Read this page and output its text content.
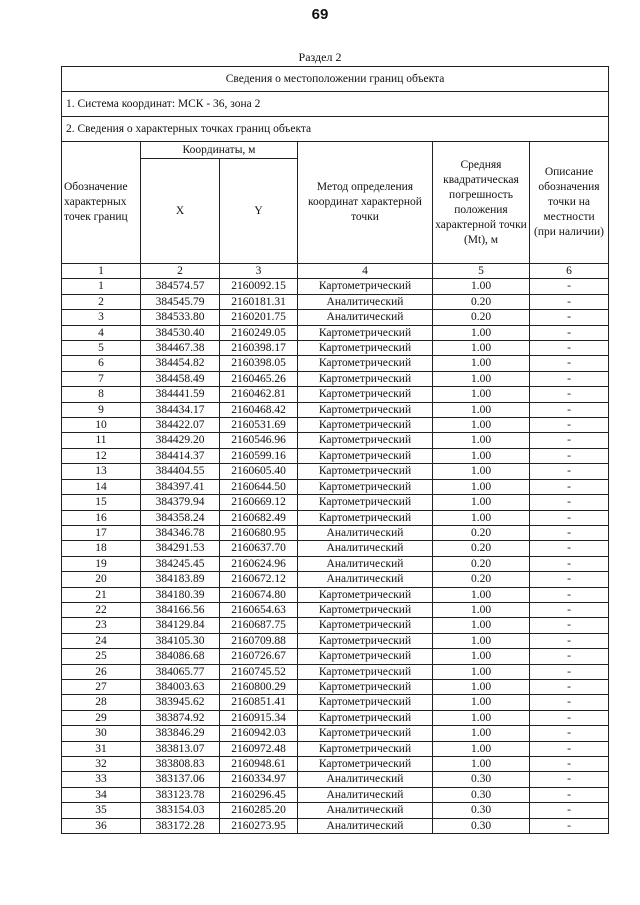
69
Раздел 2
Сведения о местоположении границ объекта					
1. Система координат: МСК - 36, зона 2					
2. Сведения о характерных точках границ объекта					
Обозначение характерных точек границ	Координаты, м		Метод определения координат характерной точки	Средняя квадратическая погрешность положения характерной точки (Mt), м	Описание обозначения точки на местности (при наличии)
	X	Y			
1	2	3	4	5	6
1	384574.57	2160092.15	Картометрический	1.00	-
2	384545.79	2160181.31	Аналитический	0.20	-
3	384533.80	2160201.75	Аналитический	0.20	-
4	384530.40	2160249.05	Картометрический	1.00	-
5	384467.38	2160398.17	Картометрический	1.00	-
6	384454.82	2160398.05	Картометрический	1.00	-
7	384458.49	2160465.26	Картометрический	1.00	-
8	384441.59	2160462.81	Картометрический	1.00	-
9	384434.17	2160468.42	Картометрический	1.00	-
10	384422.07	2160531.69	Картометрический	1.00	-
11	384429.20	2160546.96	Картометрический	1.00	-
12	384414.37	2160599.16	Картометрический	1.00	-
13	384404.55	2160605.40	Картометрический	1.00	-
14	384397.41	2160644.50	Картометрический	1.00	-
15	384379.94	2160669.12	Картометрический	1.00	-
16	384358.24	2160682.49	Картометрический	1.00	-
17	384346.78	2160680.95	Аналитический	0.20	-
18	384291.53	2160637.70	Аналитический	0.20	-
19	384245.45	2160624.96	Аналитический	0.20	-
20	384183.89	2160672.12	Аналитический	0.20	-
21	384180.39	2160674.80	Картометрический	1.00	-
22	384166.56	2160654.63	Картометрический	1.00	-
23	384129.84	2160687.75	Картометрический	1.00	-
24	384105.30	2160709.88	Картометрический	1.00	-
25	384086.68	2160726.67	Картометрический	1.00	-
26	384065.77	2160745.52	Картометрический	1.00	-
27	384003.63	2160800.29	Картометрический	1.00	-
28	383945.62	2160851.41	Картометрический	1.00	-
29	383874.92	2160915.34	Картометрический	1.00	-
30	383846.29	2160942.03	Картометрический	1.00	-
31	383813.07	2160972.48	Картометрический	1.00	-
32	383808.83	2160948.61	Картометрический	1.00	-
33	383137.06	2160334.97	Аналитический	0.30	-
34	383123.78	2160296.45	Аналитический	0.30	-
35	383154.03	2160285.20	Аналитический	0.30	-
36	383172.28	2160273.95	Аналитический	0.30	-
